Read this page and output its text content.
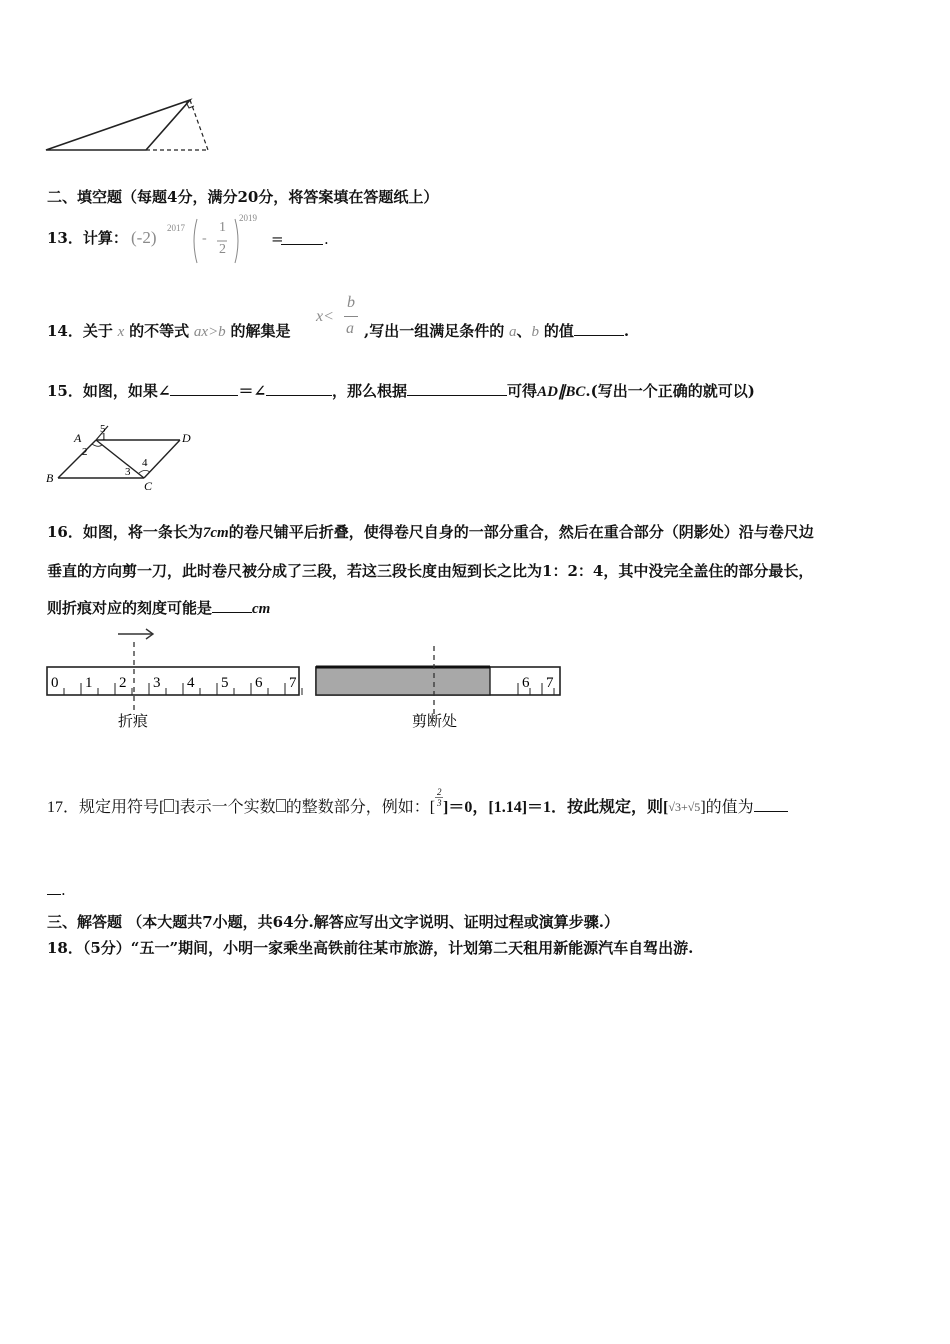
二、填空题（每题4分，满分20分，将答案填在答题纸上）
13．计算： (-2) 2017
-
1
2
2019
=	.
14．关于 x 的不等式 ax>b 的解集是
x<
b
a ,写出一组满足条件的 a、b 的值	.
15．如图，如果∠	＝∠	，那么根据	可得AD∥BC.(写出一个正确的就可以)
A
B
C
D
1
2
3
4
5
16．如图，将一条长为7cm的卷尺铺平后折叠，使得卷尺自身的一部分重合，然后在重合部分（阴影处）沿与卷尺边
垂直的方向剪一刀，此时卷尺被分成了三段，若这三段长度由短到长之比为1：2：4，其中没完全盖住的部分最长，
则折痕对应的刻度可能是	cm
0 1 2 3 4 5 6 7
折痕
6 7
剪断处
17．规定用符号[ ]表示一个实数 的整数部分，例如：[ $\frac{2}{3} ]=0$，[1.14]＝1．按此规定，则[$^{√3+√5}$]的值为
.
三、解答题 （本大题共7小题，共64分.解答应写出文字说明、证明过程或演算步骤.）
18．（5分）“五一”期间，小明一家乘坐高铁前往某市旅游，计划第二天租用新能源汽车自驾出游.
